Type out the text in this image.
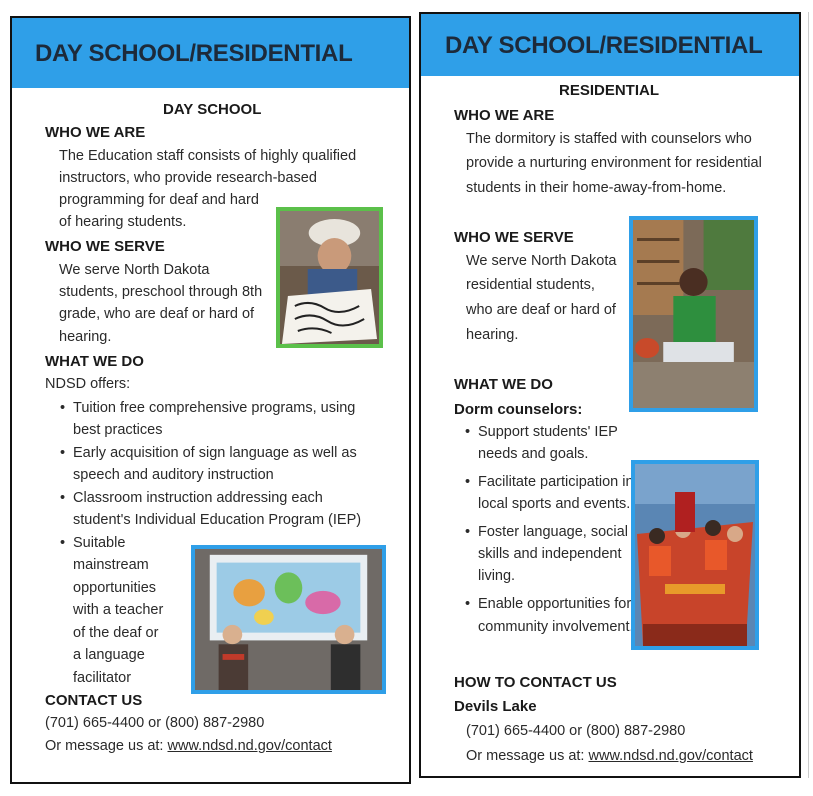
DAY SCHOOL/RESIDENTIAL
DAY SCHOOL
WHO WE ARE
The Education staff consists of highly qualified
instructors, who provide research-based
programming for deaf and hard
of hearing students.
WHO WE SERVE
We serve North Dakota
students, preschool through 8th
grade, who are deaf or hard of
hearing.
WHAT WE DO
NDSD offers:
• Tuition free comprehensive programs, using
best practices
• Early acquisition of sign language as well as
speech and auditory instruction
• Classroom instruction addressing each
student's Individual Education Program (IEP)
• Suitable
mainstream
opportunities
with a teacher
of the deaf or
a language
facilitator
CONTACT US
(701) 665-4400 or (800) 887-2980
Or message us at: www.ndsd.nd.gov/contact
DAY SCHOOL/RESIDENTIAL
RESIDENTIAL
WHO WE ARE
The dormitory is staffed with counselors who
provide a nurturing environment for residential
students in their home-away-from-home.
WHO WE SERVE
We serve North Dakota
residential students,
who are deaf or hard of
hearing.
WHAT WE DO
Dorm counselors:
• Support students' IEP
needs and goals.
• Facilitate participation in
local sports and events.
• Foster language, social
skills and independent
living.
• Enable opportunities for
community involvement.
HOW TO CONTACT US
Devils Lake
(701) 665-4400 or (800) 887-2980
Or message us at: www.ndsd.nd.gov/contact
